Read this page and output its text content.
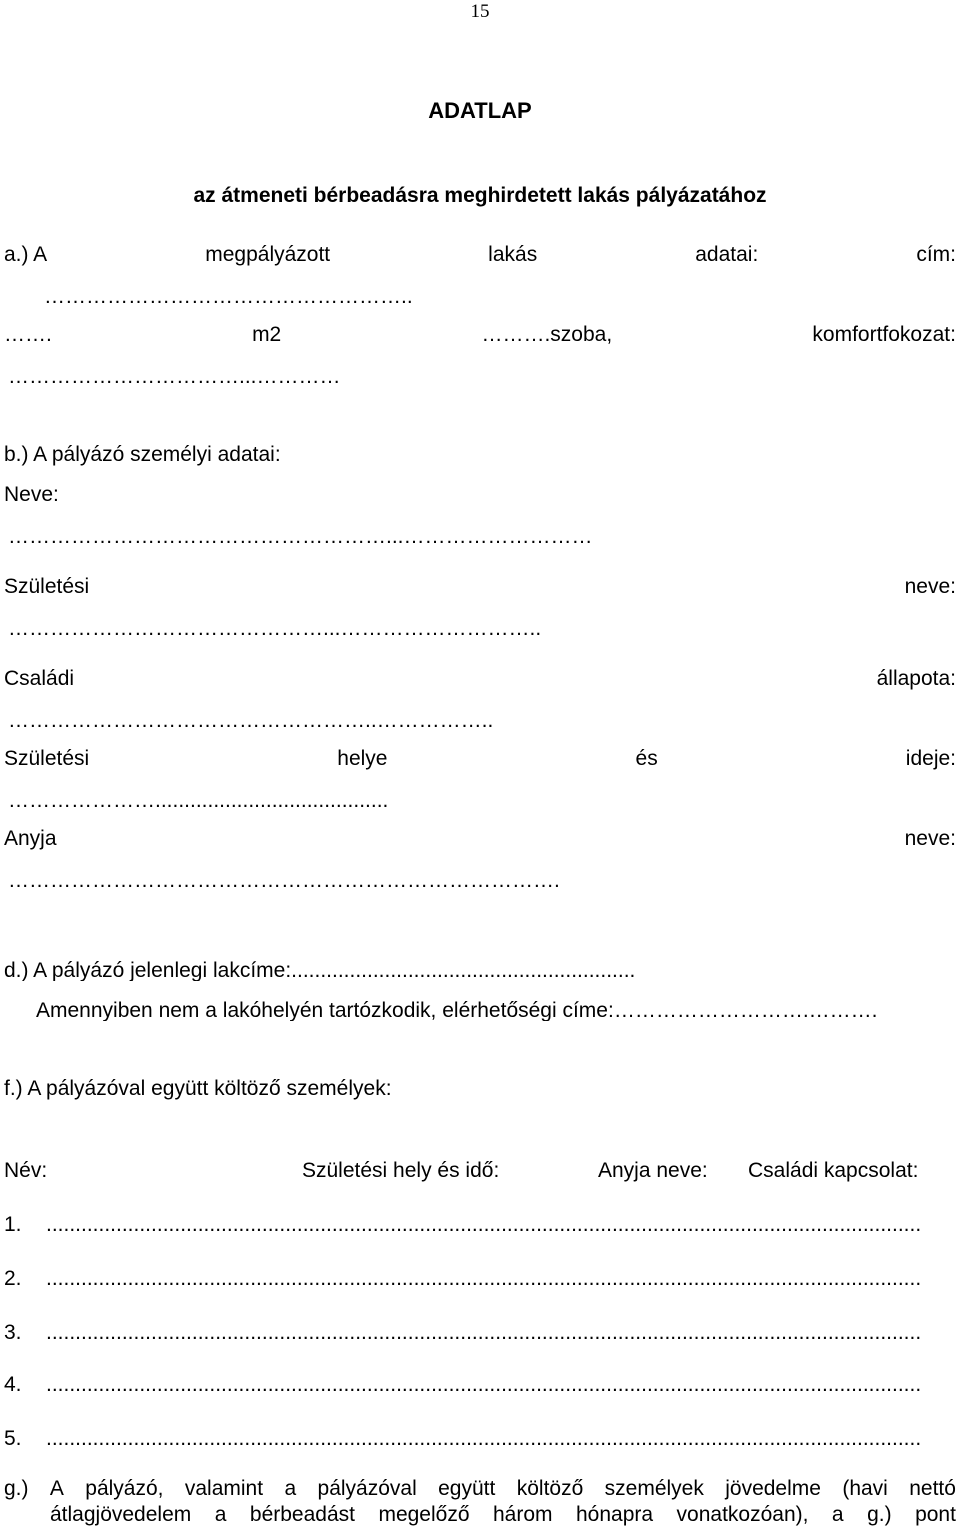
15
ADATLAP
az átmeneti bérbeadásra meghirdetett lakás pályázatához
a.) A	megpályázott	lakás	adatai:	cím:
……………………………………………..
…….	m2	……….szoba,	komfortfokozat:
……………………………...…………
b.) A pályázó személyi adatai:
Neve:
………………………………………………...………………………
Születési	neve:
………………………………………...………………………..
Családi	állapota:
……………………………………………..……………..
Születési	helye	és	ideje:
…………………........................................
Anyja	neve:
…………………………………………………………………….
d.) A pályázó jelenlegi lakcíme:...........................................................
Amennyiben nem a lakóhelyén tartózkodik, elérhetőségi címe:……………………….……….
f.) A pályázóval együtt költöző személyek:
Név:	Születési hely és idő:	Anyja neve: Családi kapcsolat:
1.	......................................................................................................................................................
2.	......................................................................................................................................................
3.	......................................................................................................................................................
4.	......................................................................................................................................................
5.	......................................................................................................................................................
g.) A pályázó, valamint a pályázóval együtt költöző személyek jövedelme (havi nettó
átlagjövedelem a bérbeadást megelőző három hónapra vonatkozóan), a g.) pont
